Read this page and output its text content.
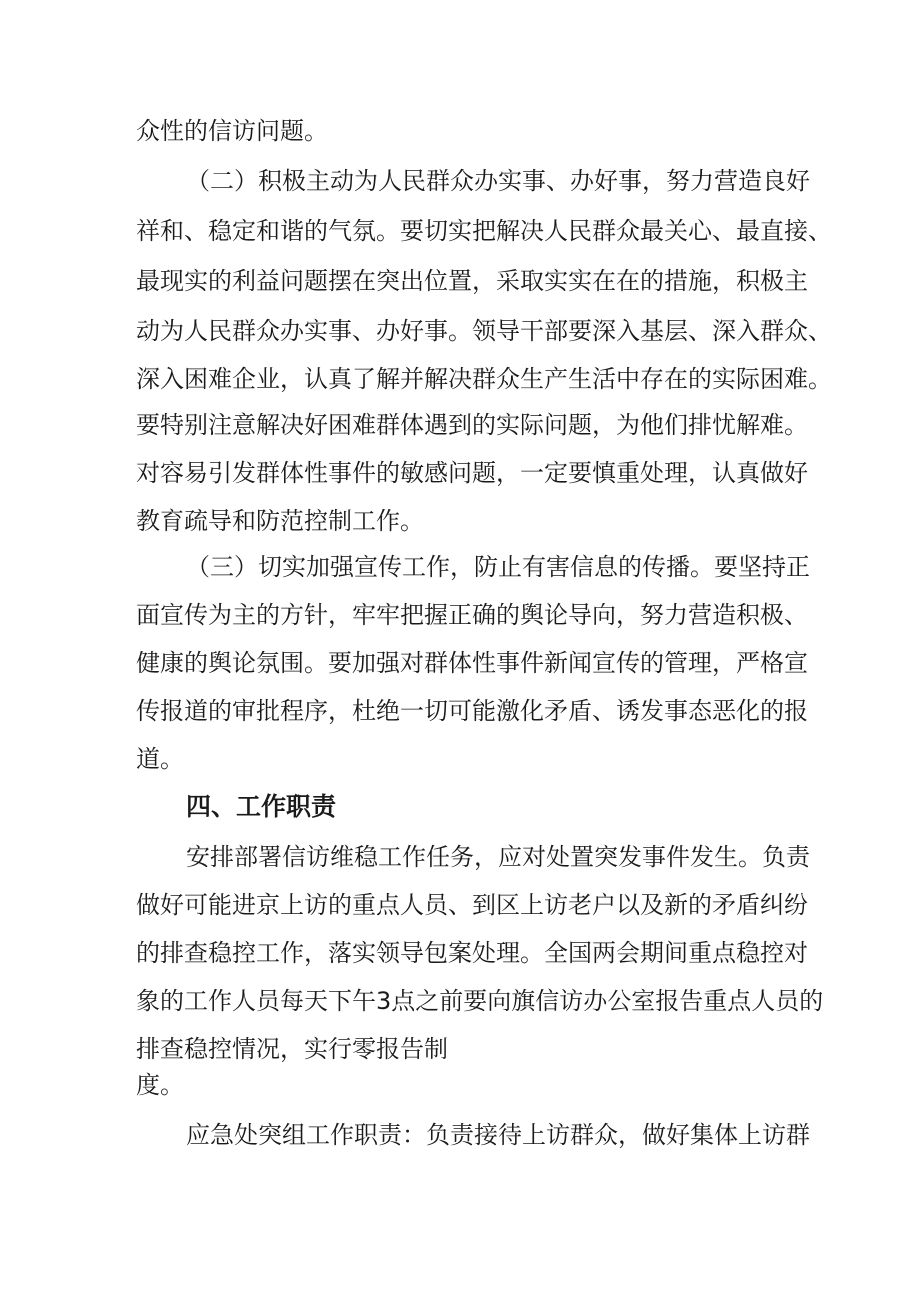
众性的信访问题。
（二）积极主动为人民群众办实事、办好事，努力营造良好
祥和、稳定和谐的气氛。要切实把解决人民群众最关心、最直接、
最现实的利益问题摆在突出位置，采取实实在在的措施，积极主
动为人民群众办实事、办好事。领导干部要深入基层、深入群众、
深入困难企业，认真了解并解决群众生产生活中存在的实际困难。
要特别注意解决好困难群体遇到的实际问题，为他们排忧解难。
对容易引发群体性事件的敏感问题，一定要慎重处理，认真做好
教育疏导和防范控制工作。
（三）切实加强宣传工作，防止有害信息的传播。要坚持正
面宣传为主的方针，牢牢把握正确的舆论导向，努力营造积极、
健康的舆论氛围。要加强对群体性事件新闻宣传的管理，严格宣
传报道的审批程序，杜绝一切可能激化矛盾、诱发事态恶化的报
道。
四、工作职责
安排部署信访维稳工作任务，应对处置突发事件发生。负责
做好可能进京上访的重点人员、到区上访老户以及新的矛盾纠纷
的排查稳控工作，落实领导包案处理。全国两会期间重点稳控对
象的工作人员每天下午3点之前要向旗信访办公室报告重点人员的
排查稳控情况，实行零报告制
度。
应急处突组工作职责：负责接待上访群众，做好集体上访群
